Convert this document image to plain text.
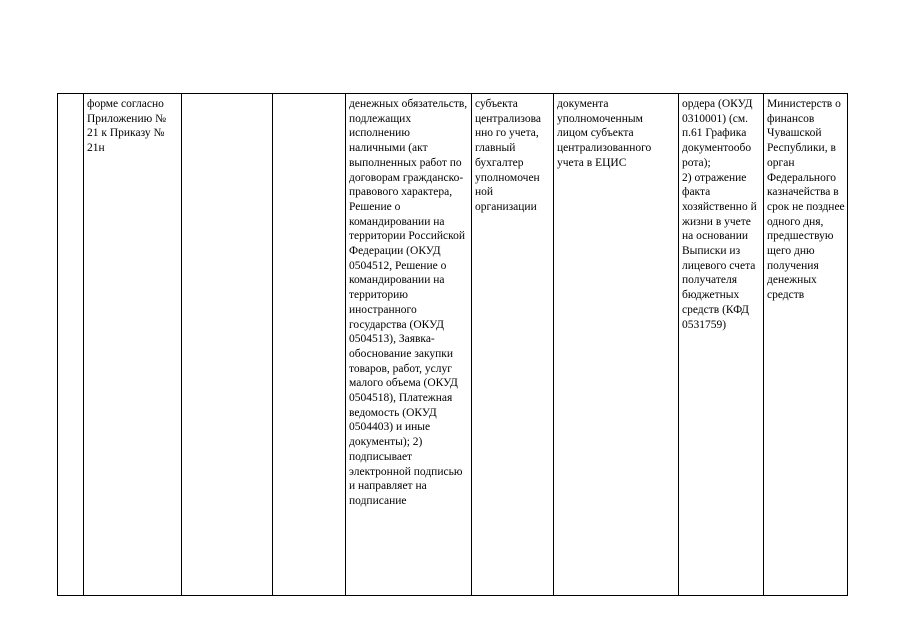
	форме согласно Приложению № 21 к Приказу № 21н			денежных обязательств, подлежащих исполнению наличными (акт выполненных работ по договорам гражданско-правового характера, Решение о командировании на территории Российской Федерации (ОКУД 0504512, Решение о командировании на территорию иностранного государства (ОКУД 0504513), Заявка-обоснование закупки товаров, работ, услуг малого объема (ОКУД 0504518), Платежная ведомость (ОКУД 0504403) и иные документы); 2) подписывает электронной подписью и направляет на подписание	субъекта централизова нно го учета, главный бухгалтер уполномочен ной организации	документа уполномоченным лицом субъекта централизованного учета в ЕЦИС	ордера (ОКУД 0310001) (см. п.61 Графика документообо рота);
2) отражение факта хозяйственно й жизни в учете на основании Выписки из лицевого счета получателя бюджетных средств (КФД 0531759)	Министерств о финансов Чувашской Республики, в орган Федерального казначейства в срок не позднее одного дня, предшествую щего дню получения денежных средств
